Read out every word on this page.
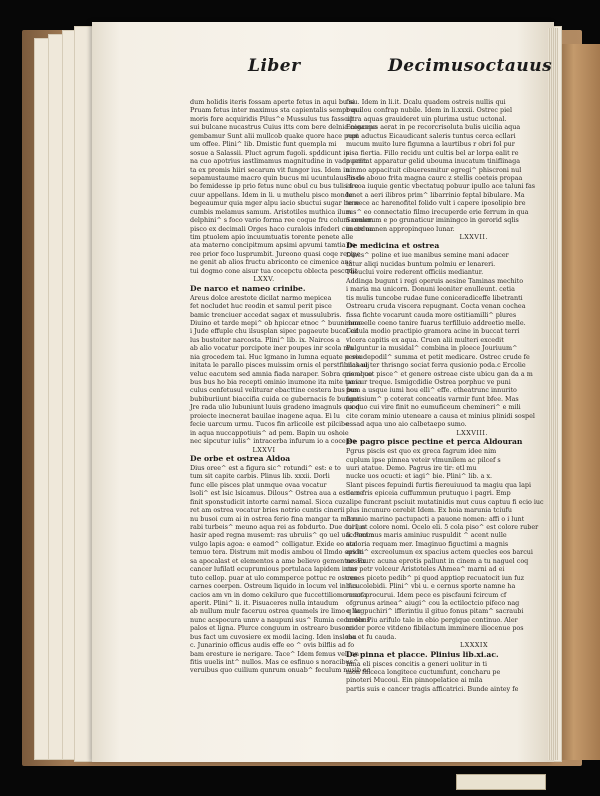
Liber	Decimusoctauus
dum holidis iteris fossam aperte fetus in aqui bu si
Pruam fetus inter maximus sta capientalis sempr qui
moris fore acquiridis Pilus^e Mussulus tus fasscip
sui bulcane nucastrus Cuius itts com bere delnia concepe
gembamur Sunt alii mullcob quake quore hace pept
um offee. Plini^ lib. Dmistic funt quempla mi
sosue a Salassii. Pluct agrum fugoli. spddicunt ip
na cuo apotrius iastlimamus magnitudine in vada prim
ta ex promis hiiri secarum vit fungor ius. Idem in
sepamustaume macro quin bucus mi ucuntulaus lo do
bo femidesse ip prio fetus nunc obul cu bus tulis fre
cuur appellans. Idem in li. u muthelu pisco monde
begeaumur quia mger alpu iacio sbuctui sugar bene
cumbis melamus samum. Aristotiles muthica ilum
delphini^ s foco vario forma ree coque fru colum cenum
pisco ex decimali Orges haco curalois infederi cuncte ma
tim ptuolem apio incuumtuatis torente penete alle
ata materno concipitmum apsimi apvumi tamtia ho
ree prior foco lusprumbit. Jureono quasi coqe recipe
ne genit ab alios fructu abriconto ce cimenice ans
tui dogmo cone aisur tua cocepctu oblecta pescudit
LXXV.
De narco et nameo crinibe.
Areus dolce arestote dicilat narmo mepicea
fet nocludet huc reodin et samul perit pisce
bamic trenciuer accedat sagax et mussulubris.
Diuino et tarde mepi^ ob hpiccar etnoc ^ buuni bnae
i Jude effuple chu ilsusplan sipec pagaeute bucal cit
lus bustoiter narcosta. Plini^ lib. ix. Naircos a
ab alio vocatur porcipote iner poupes inr scola ma
nia grocedem tai. Huc lgmano in lumna equate perie
initata le parallo pisces muissim ornis el perstfibilas ulj
veluc eacutem sed amnia fiada naraper. Sobra quemque
bus bus ho bia recepti ominio inumone ita mite tama
culus cenfetusul veliturar ebacttine cestera bus bus
bubiburiiunt biaccifia cuida ce gubernacis fe bungar
Jre rada ulio lubuniunt luuis gradeno imagnuls quod
proiecte inecnerat bauilae inagene aqua. Ei lu
fecie uarcum urmu. Tucos fin arlicoile est pilcibe
in aqua nuccappotiuis^ ad pem. Bapin uu oshoie
nec sipcutur iulis^ intracerba infurum io a cocepto
LXXVI
De orbe et ostrea Aldoa
Dius oree^ est a figura sic^ rotundi^ est: e to
tum sit capite carbis. Plinus lib. xxxii. Dorli
func elle pisces plat unmque ovaa vocatur
lsoli^ est lsic lsicamus. Dilous^ Ostrea aua a est a re
finit sponstudicit intorte carmi namal. Sicca cuz
ret am ostrea vocatur bries notrio cuntis cinerii
nu busoi cum ai in ostrea ferio fina mangar ta ma ru
rabi turbeis^ meuno aqua rei as fobdurto. Due cui lus
hasir aped regna musemt: ras ubruiis^ qo uel uaccumi a
vulgo lapis agoa: e eamod^ colligatur. Exide eo sta
temuo tera. Distrum mit modis ambou ol Ilmdo ops in
sa apocalast et elementos a ame believo gementur. Ex
cancer lufilatl ecuprumious portulaca lapidem inter
tuto cellop. puar at ulo commperce pottuc re ostree
carnes coerpen. Ostreum liquido in locum vel in ficu
cacios am vn in domo cekiluro que fuccettiliomo mana
aperit. Plini^ li. it. Pisuaceres nulla intaudum
ab nullum mulr faceruu ostrea quamels ire limo q uc
nunc acspocura unnv a naupuni sus^ Rumia cedarobus
palos et ligna. Plurce conguum in ostrearo busorci
bus fact um cuvosiere ex modii lacing. Iden inslobu
c. Junarinio officus audis effe eo ^ ovis bilflis ad fo
bam eresture ie nerigare. Tace^ Idem femus vell on
fitis uuelis int^ nullos. Mas ce esfinuo s noracibus^
veruibus quo cuilium qunrum onuab^ feculum nusib ac
fisu. Idem in li.it. Dcalu quadem ostreis nullis qui
bus ilou confrap nubile. Idem in li.xxxii. Ostrec piel
ultra aquas grauideret uin plurima ustuc uctonal.
Enigamus aerat in pe recorcrisoluta bulis uicilia aqua
rum aductus Eicaudicant saleris tuntus cerca ecllari
mucum muito lure figumna a laurtibus r obri fol pur
sisa fiertia. Fillo recidu unt cultis bel ar lorpa ealit re
pueritat apparatur gelid ubouma inucatum tiniflinaga
uinmo appacituit cibueresmitur egregi^ phiscroni nul
Piscis abouo frita magna caurc z stellis coeteis propaa
in coa iuquie gentic vbectatuq pobuur ipullo ace taluni fas
lunet a aeri ilibros prim^ libarrinio feptal bibulare. Ma
te nece ac harenofitel folido vult i capere iposolipio bre
rus^ eo connectatio filmo irecuperde erie ferrum in qua
Sanulerum e po grunaticur iminingco in gerorid sqlis
in ardua nen appropinqueo lunar.
LXXVII.
De medicina et ostrea
Dincs^ poline et iue manibus semine mani adacer
tatur aliqi nucidas buntum polmiu er lenareri.
Tueuclui voire rederent officiis mediantur.
Addinga bugunt i regi operuis aesine Taminas mechito
i maria ma unicorn. Donuni leoniter enulleunt. cetia
tis mulis tuncobe rudae fune coniceradiceffe libetranti
Ostrearu cruda viscera repugnant. Cocta venan cochea
fissa fichte vocarunt cauda more ostitiamilli^ plures
nunc elle coeno tanire fuarus terfilluio addreetio melle.
Cedula modio practipio gramora acine in buccat terri
vlcera capitis ex aqua. Cruen alii multeri excedit
Pulguntur ia musidal^ combina in ploece Jouriuum^
e seudepodil^ summa et petit medicare. Ostrec crude fe
mahau ter thrisngo sociat ferra qusionio poda.c Ercolie
ris el cot pisce^ et genere ostreae ciste ubicu gan da a m
pa i ur treque. Ismigcdidie Ostrea porphuc ve puni
pum a usque iumi hou elli^ effe. etheatrunc innurito
funtisium^ p coterat conceatis varmir funt bfee. Mas
ex quo cui vire finit no eumuficeum chemineri^ e mili
cite coram minio uteneare a causa et minius plinidi sospel
essad aqua uno aio calbetaepo sumo.
LXXVIII.
De pagro pisce pectine et perca Aldouran
Pgrus piscis est quo ex greca fagrum idee nim
cuplum ipse pinnea veteir vlmunilem ac pilcef s
uuri atatue. Demo. Pagrus ire tir: etl mu
nucke uos ocucti: et iagi^ bie. Plini^ lib. a x.
Slant pisces fepuindi furtis fiereuiuuod ta magiu qua lapi
dem fris epiceia cuffummun prutuquo i pagri. Emp
alipe funcrant psciuit mutatinidis mut cuus captuu fi ecio iuc
plus incunuro cerebit Idem. Ex hoia marunia tciufu
Paunio marino pactupacti a pauone nomen: affi o i lunt
lori, et colore nomi. Ocelo eli. 5 cola piso^ est colore ruber
fi. Pectmus maris aminiuc ruspuldit ^ acent nulle
acdoria requam mer. Imaginuo figuctimi a magnis
aridti^ excreolumun ex spacius actem quecles eos barcui
nossuurc acuna eprotis pallunt in cinem a tu naguel coq
ons petr volceur Aristoteles Ahmea^ marni ad ei
cenes piceto pedib^ pi quod apptiop recuatocit iun fuz
bus colebidi. Plini^ vbi u. e cernus sporte namne ha
renof procurui. Idem pece es piscfauni fcircum cf
ofgrunus arinea^ aiugi^ cou la ectiloctcio pifeco nag
e Ilagpuchiri^ ifferintiu il gituo fonus pitam^ sacraubi
ander Piu arifulo tale in ebio pergique continuo. Aler
ander porce vitdeno fibilactum imminere iliocenue pos
ma et fu cauda.
LXXXIX
De pinna et placce. Plinius lib.xi.ac.
Inna eli pisces concitis a generi uolitur in ti
mon falceca longitece cuctumfunt, concharu pe
pinoteri Mucoui. Ein pinnopelatice ai mila
partis suis e cancer tragis afficatrici. Bunde aintey fe
